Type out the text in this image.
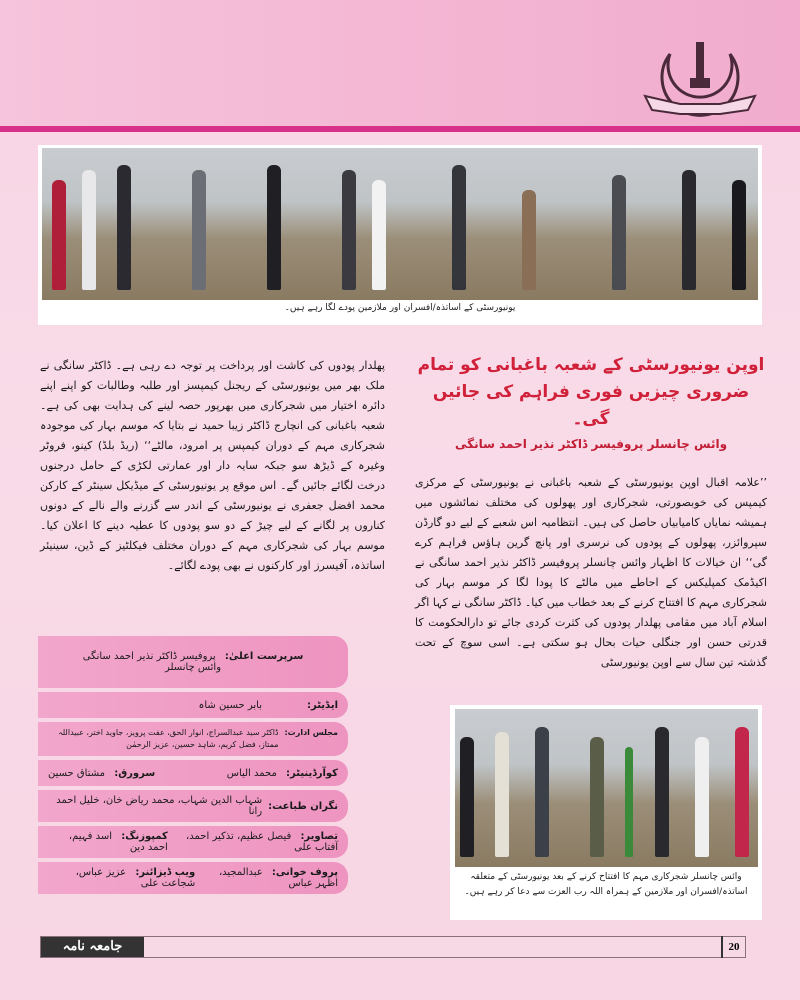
یونیورسٹی کے اساتذہ/افسران اور ملازمین پودے لگا رہے ہیں۔
اوپن یونیورسٹی کے شعبہ باغبانی کو تمام ضروری چیزیں فوری فراہم کی جائیں گی۔
وائس چانسلر پروفیسر ڈاکٹر نذیر احمد سانگی
’’علامہ اقبال اوپن یونیورسٹی کے شعبہ باغبانی نے یونیورسٹی کے مرکزی کیمپس کی خوبصورتی، شجرکاری اور پھولوں کی مختلف نمائشوں میں ہمیشہ نمایاں کامیابیاں حاصل کی ہیں۔ انتظامیہ اس شعبے کے لیے دو گارڈن سپروائزر، پھولوں کے پودوں کی نرسری اور پانچ گرین ہاؤس فراہم کرے گی‘‘ ان خیالات کا اظہار وائس چانسلر پروفیسر ڈاکٹر نذیر احمد سانگی نے اکیڈمک کمپلیکس کے احاطے میں مالٹے کا پودا لگا کر موسم بہار کی شجرکاری مہم کا افتتاح کرنے کے بعد خطاب میں کیا۔ ڈاکٹر سانگی نے کہا اگر اسلام آباد میں مقامی پھلدار پودوں کی کثرت کردی جائے تو دارالحکومت کا قدرتی حسن اور جنگلی حیات بحال ہو سکتی ہے۔ اسی سوچ کے تحت گذشتہ تین سال سے اوپن یونیورسٹی
پھلدار پودوں کی کاشت اور پرداخت پر توجہ دے رہی ہے۔ ڈاکٹر سانگی نے ملک بھر میں یونیورسٹی کے ریجنل کیمپسز اور طلبہ وطالبات کو اپنے اپنے دائرہ اختیار میں شجرکاری میں بھرپور حصہ لینے کی ہدایت بھی کی ہے۔ شعبہ باغبانی کی انچارج ڈاکٹر زیبا حمید نے بتایا کہ موسم بہار کی موجودہ شجرکاری مہم کے دوران کیمپس پر امرود، مالٹے‘‘ (ریڈ بلڈ) کینو، فروٹر وغیرہ کے ڈیڑھ سو جبکہ سایہ دار اور عمارتی لکڑی کے حامل درجنوں درخت لگائے جائیں گے۔ اس موقع پر یونیورسٹی کے میڈیکل سینٹر کے کارکن محمد افضل جعفری نے یونیورسٹی کے اندر سے گزرنے والے نالے کے دونوں کناروں پر لگانے کے لیے چیڑ کے دو سو پودوں کا عطیہ دینے کا اعلان کیا۔ موسم بہار کی شجرکاری مہم کے دوران مختلف فیکلٹیز کے ڈین، سینیئر اساتذہ، آفیسرز اور کارکنوں نے بھی پودے لگائے۔
وائس چانسلر شجرکاری مہم کا افتتاح کرنے کے بعد یونیورسٹی کے متعلقہ اساتذہ/افسران اور ملازمین کے ہمراہ اللہ رب العزت سے دعا کر رہے ہیں۔
سرپرست اعلیٰ: پروفیسر ڈاکٹر نذیر احمد سانگی
وائس چانسلر
ایڈیٹر:
بابر حسین شاہ
مجلس ادارت:
ڈاکٹر سید عبدالسراج، انوار الحق، عفت پرویز، جاوید اختر، عبیداللہ ممتاز، فضل کریم، شاہد حسین، عزیز الرحمٰن
کوآرڈینیٹر: محمد الیاس
سرورق: مشتاق حسین
نگران طباعت:
شہاب الدین شہاب، محمد ریاض خان، خلیل احمد رانا
تصاویر: فیصل عظیم، تذکیر احمد، آفتاب علی
کمپوزنگ: اسد فہیم، احمد دین
پروف خوانی: عبدالمجید، اظہر عباس
ویب ڈیزائنر: عزیز عباس، شجاعت علی
جامعہ نامہ	20
